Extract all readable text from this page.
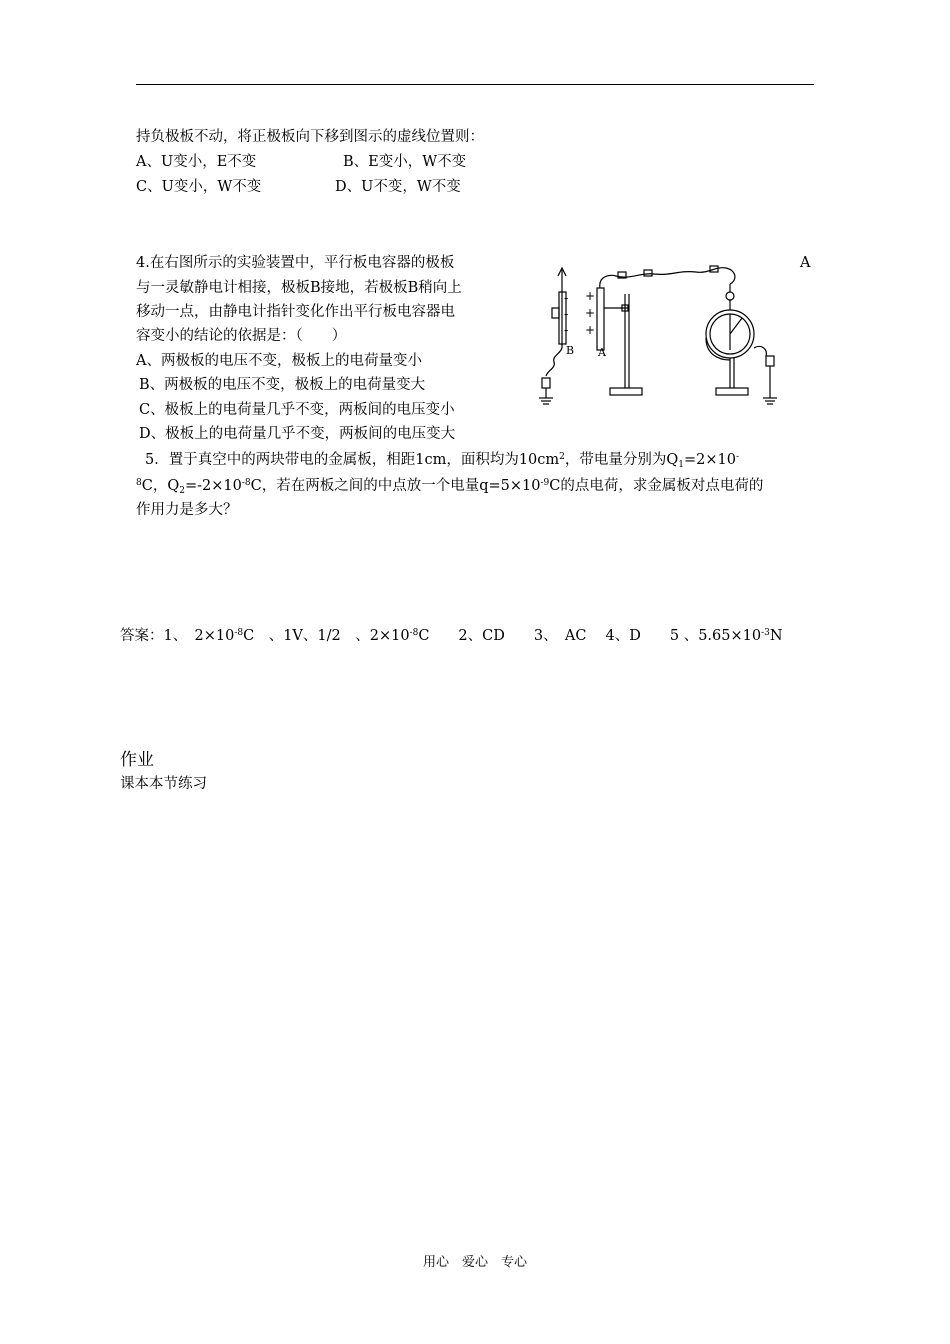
持负极板不动，将正极板向下移到图示的虚线位置则：
A、U变小，E不变	B、E变小，W不变
C、U变小，W不变	D、U不变，W不变
4.在右图所示的实验装置中，平行板电容器的极板
与一灵敏静电计相接，极板B接地，若极板B稍向上
移动一点，由静电计指针变化作出平行板电容器电
容变小的结论的依据是：（　　）
A、两极板的电压不变，极板上的电荷量变小
B、两极板的电压不变，极板上的电荷量变大
C、极板上的电荷量几乎不变，两板间的电压变小
D、极板上的电荷量几乎不变，两板间的电压变大
A
-
-
-
+
+
+
B A
5．置于真空中的两块带电的金属板，相距1cm，面积均为$10cm^2$，带电量分别为$Q_1=2\times 10^-$
$^8$C，$Q_2=-2\times 10^{-8}C$，若在两板之间的中点放一个电量$q=5\times 10^{-9}C$的点电荷，求金属板对点电荷的
作用力是多大？
答案：1、　$2\times 10^{-8}C$　、1V、1/2　、$2\times 10^{-8}C$　　2、CD　　3、　AC　 4、D　　5 、$5.65\times 10^{-3}N$
作业
课本本节练习
用心　爱心　专心
